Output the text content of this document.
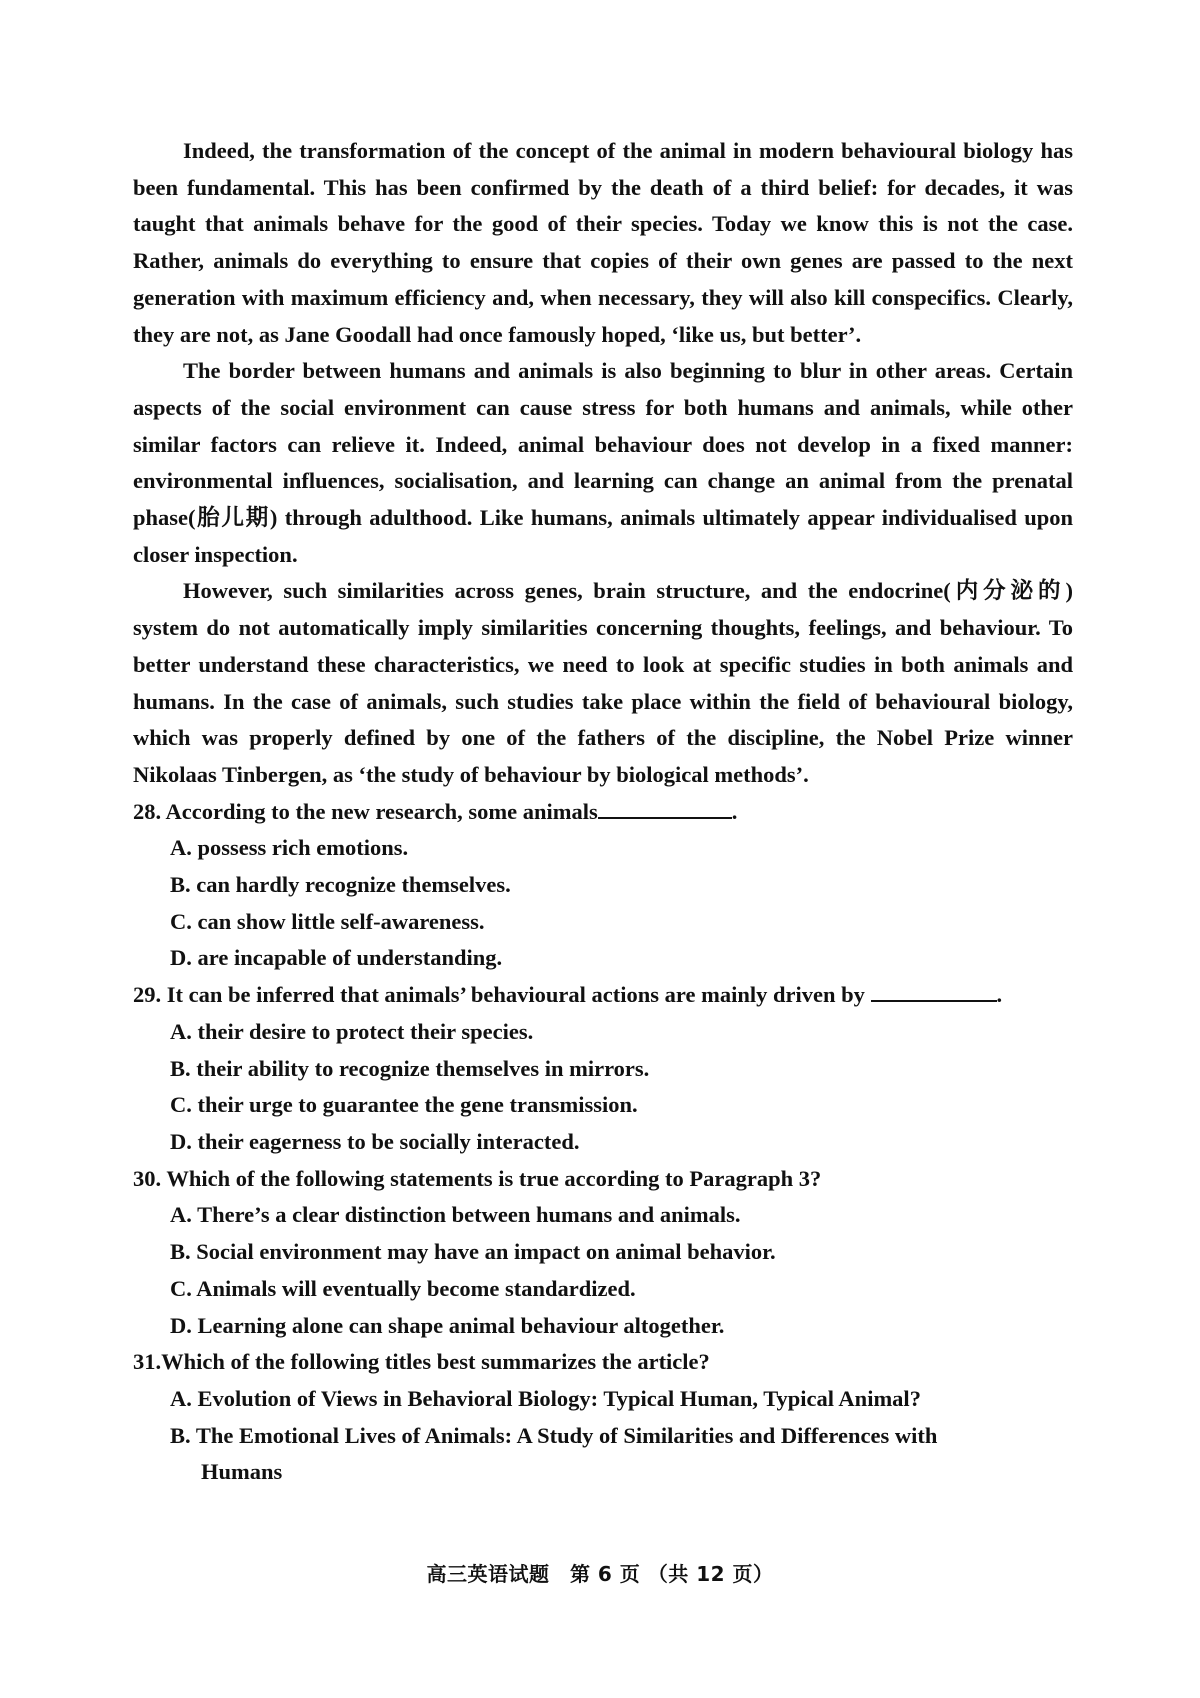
Indeed, the transformation of the concept of the animal in modern behavioural biology has been fundamental. This has been confirmed by the death of a third belief: for decades, it was taught that animals behave for the good of their species. Today we know this is not the case. Rather, animals do everything to ensure that copies of their own genes are passed to the next generation with maximum efficiency and, when necessary, they will also kill conspecifics. Clearly, they are not, as Jane Goodall had once famously hoped, ‘like us, but better’.

The border between humans and animals is also beginning to blur in other areas. Certain aspects of the social environment can cause stress for both humans and animals, while other similar factors can relieve it. Indeed, animal behaviour does not develop in a fixed manner: environmental influences, socialisation, and learning can change an animal from the prenatal phase(胎儿期) through adulthood. Like humans, animals ultimately appear individualised upon closer inspection.

However, such similarities across genes, brain structure, and the endocrine(内分泌的) system do not automatically imply similarities concerning thoughts, feelings, and behaviour. To better understand these characteristics, we need to look at specific studies in both animals and humans. In the case of animals, such studies take place within the field of behavioural biology, which was properly defined by one of the fathers of the discipline, the Nobel Prize winner Nikolaas Tinbergen, as ‘the study of behaviour by biological methods’.

28. According to the new research, some animals	.

A. possess rich emotions.
B. can hardly recognize themselves.
C. can show little self-awareness.
D. are incapable of understanding.

29. It can be inferred that animals’ behavioural actions are mainly driven by	.

A. their desire to protect their species.
B. their ability to recognize themselves in mirrors.
C. their urge to guarantee the gene transmission.
D. their eagerness to be socially interacted.

30. Which of the following statements is true according to Paragraph 3?

A. There’s a clear distinction between humans and animals.
B. Social environment may have an impact on animal behavior.
C. Animals will eventually become standardized.
D. Learning alone can shape animal behaviour altogether.

31.Which of the following titles best summarizes the article?

A. Evolution of Views in Behavioral Biology: Typical Human, Typical Animal?
B. The Emotional Lives of Animals: A Study of Similarities and Differences with
Humans
高三英语试题　第 6 页 （共 12 页）
